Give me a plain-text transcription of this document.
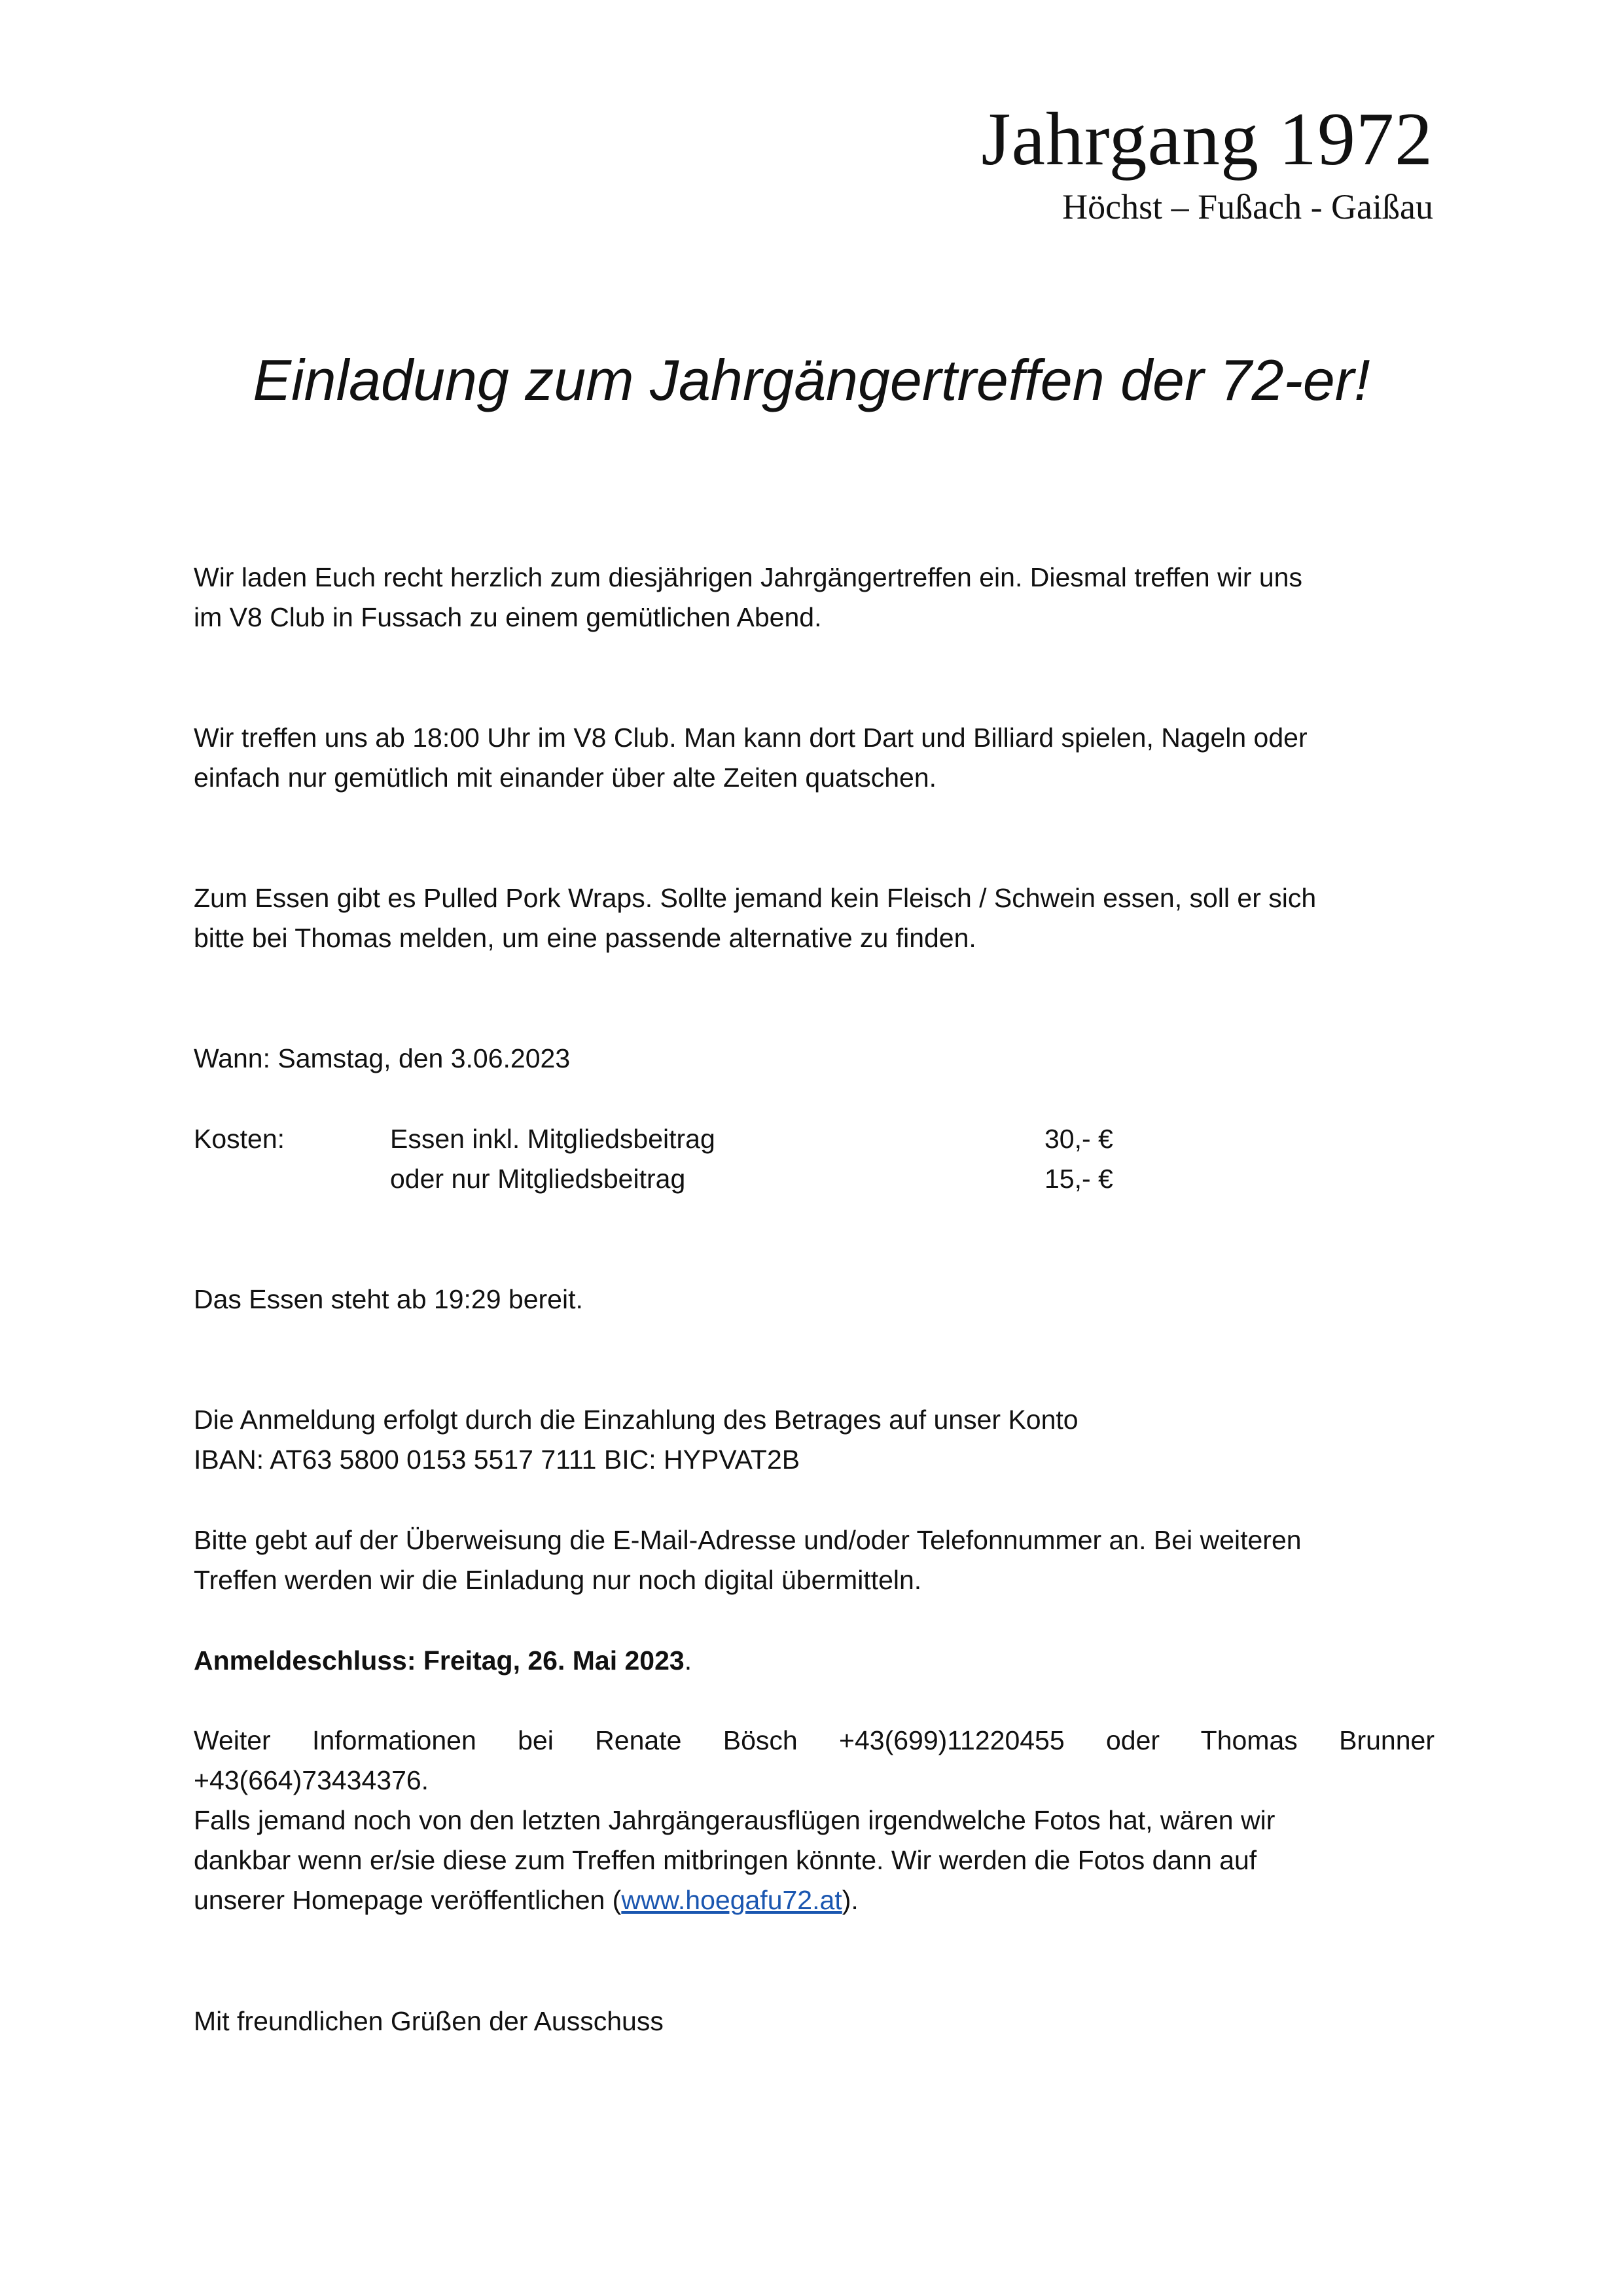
Jahrgang 1972
Höchst – Fußach - Gaißau
Einladung zum Jahrgängertreffen der 72-er!
Wir laden Euch recht herzlich zum diesjährigen Jahrgängertreffen ein. Diesmal treffen wir uns
im V8 Club in Fussach zu einem gemütlichen Abend.
Wir treffen uns ab 18:00 Uhr im V8 Club. Man kann dort Dart und Billiard spielen, Nageln oder
einfach nur gemütlich mit einander über alte Zeiten quatschen.
Zum Essen gibt es Pulled Pork Wraps. Sollte jemand kein Fleisch / Schwein essen, soll er sich
bitte bei Thomas melden, um eine passende alternative zu finden.
Wann: Samstag, den 3.06.2023
Kosten:	Essen inkl. Mitgliedsbeitrag	30,- €
oder nur Mitgliedsbeitrag	15,- €
Das Essen steht ab 19:29 bereit.
Die Anmeldung erfolgt durch die Einzahlung des Betrages auf unser Konto
IBAN: AT63 5800 0153 5517 7111 BIC: HYPVAT2B
Bitte gebt auf der Überweisung die E-Mail-Adresse und/oder Telefonnummer an. Bei weiteren
Treffen werden wir die Einladung nur noch digital übermitteln.
Anmeldeschluss: Freitag, 26. Mai 2023.
Weiter Informationen bei Renate Bösch +43(699)11220455 oder Thomas Brunner
+43(664)73434376.
Falls jemand noch von den letzten Jahrgängerausflügen irgendwelche Fotos hat, wären wir
dankbar wenn er/sie diese zum Treffen mitbringen könnte. Wir werden die Fotos dann auf
unserer Homepage veröffentlichen (www.hoegafu72.at).
Mit freundlichen Grüßen der Ausschuss
